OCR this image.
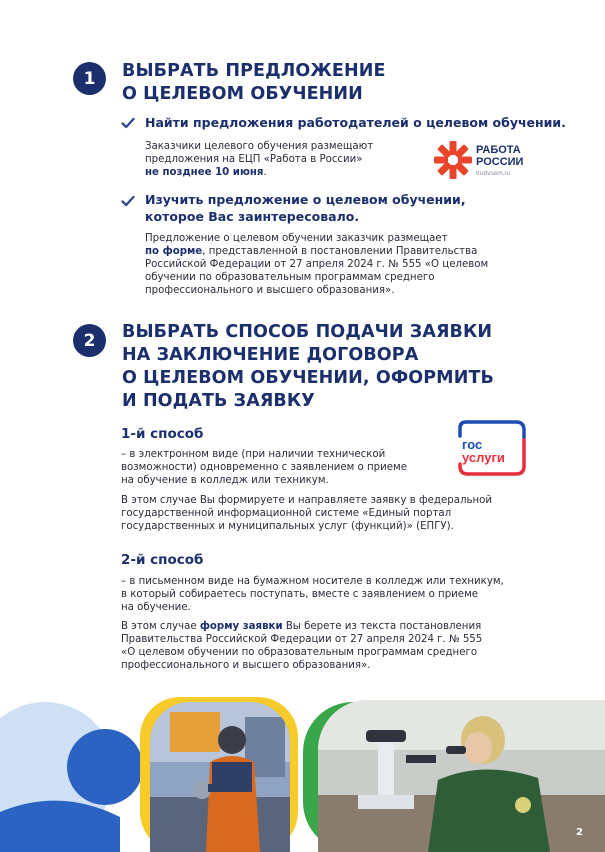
1	ВЫБРАТЬ ПРЕДЛОЖЕНИЕ
О ЦЕЛЕВОМ ОБУЧЕНИИ

Найти предложения работодателей о целевом обучении.

Заказчики целевого обучения размещают
предложения на ЕЦП «Работа в России»
не позднее 10 июня.
РАБОТА
РОССИИ
trudvsem.ru
Изучить предложение о целевом обучении,
которое Вас заинтересовало.
Предложение о целевом обучении заказчик размещает
по форме, представленной в постановлении Правительства
Российской Федерации от 27 апреля 2024 г. № 555 «О целевом
обучении по образовательным программам среднего
профессионального и высшего образования».
2	ВЫБРАТЬ СПОСОБ ПОДАЧИ ЗАЯВКИ
НА ЗАКЛЮЧЕНИЕ ДОГОВОРА
О ЦЕЛЕВОМ ОБУЧЕНИИ, ОФОРМИТЬ
И ПОДАТЬ ЗАЯВКУ

1-й способ

– в электронном виде (при наличии технической
возможности) одновременно с заявлением о приеме
на обучение в колледж или техникум.
В этом случае Вы формируете и направляете заявку в федеральной
государственной информационной системе «Единый портал
государственных и муниципальных услуг (функций)» (ЕПГУ).
гос
услуги

2-й способ

– в письменном виде на бумажном носителе в колледж или техникум,
в который собираетесь поступать, вместе с заявлением о приеме
на обучение.
В этом случае форму заявки Вы берете из текста постановления
Правительства Российской Федерации от 27 апреля 2024 г. № 555
«О целевом обучении по образовательным программам среднего
профессионального и высшего образования».
2
